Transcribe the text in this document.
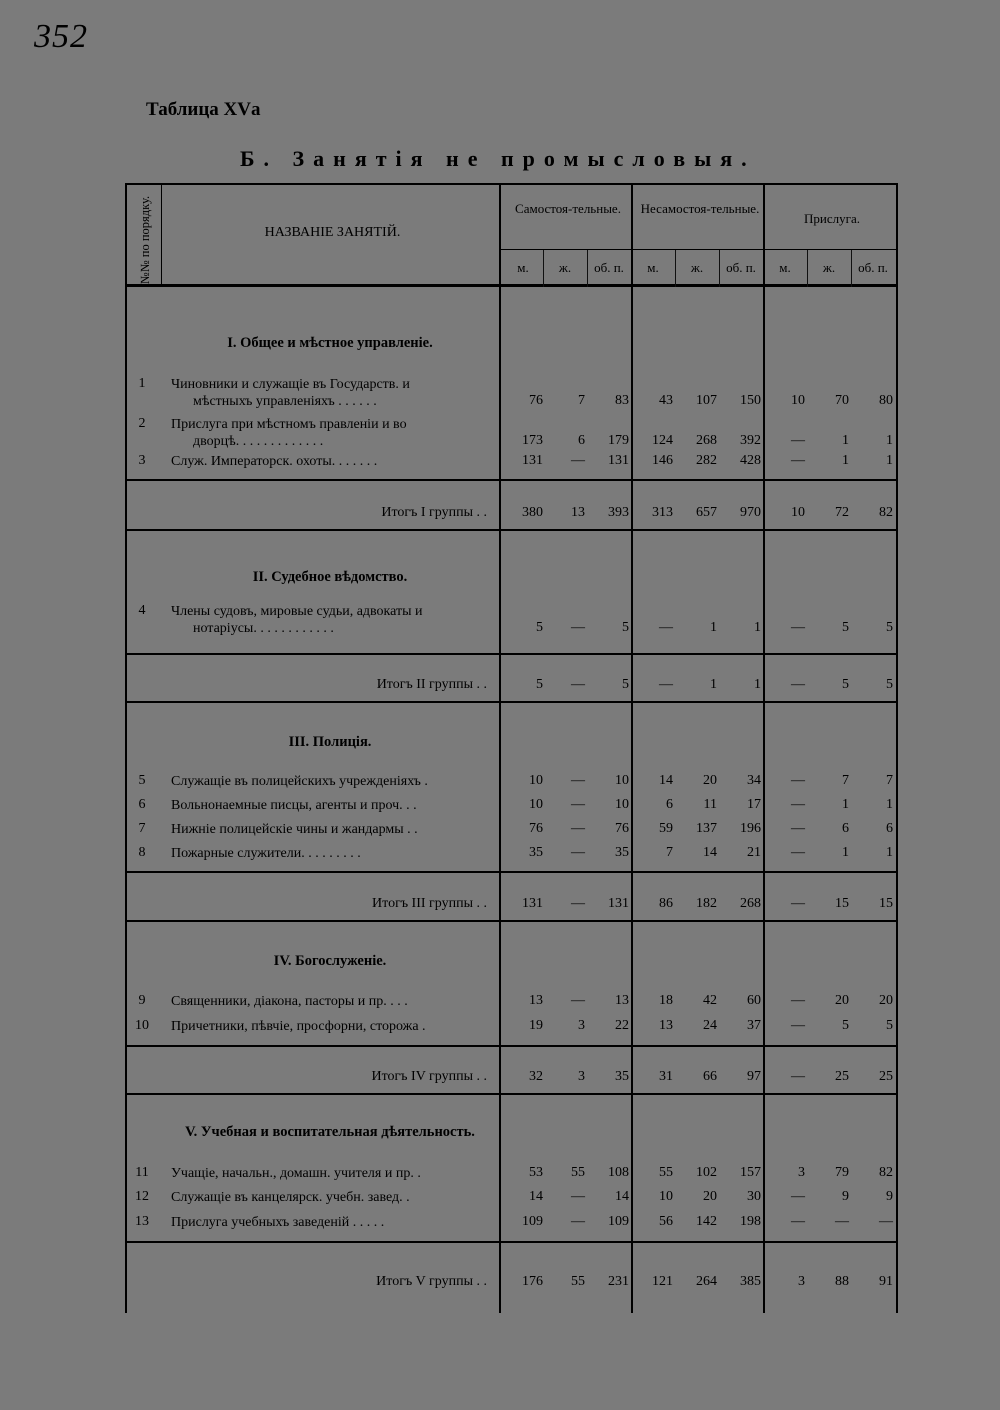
352
Таблица XVа
Б. Занятія не промысловыя.
№№ по порядку.	НАЗВАНІЕ ЗАНЯТІЙ.
Самостоя-тельные.	Несамостоя-тельные.
Прислуга.
м.	ж.	об. п.	м.	ж.	об. п.	м.	ж.	об. п.
I. Общее и мѣстное управленіе.
1	Чиновники и служащіе въ Государств. и
мѣстныхъ управленіяхъ . . . . . .	76	7	83	43	107	150	10	70	80
2	Прислуга при мѣстномъ правленіи и во
дворцѣ. . . . . . . . . . . . .	173	6	179	124	268	392	—	1	1
3	Служ. Императорск. охоты. . . . . . .	131	—	131	146	282	428	—	1	1
Итогъ I группы . .	380	13	393	313	657	970	10	72	82
II. Судебное вѣдомство.
4	Члены судовъ, мировые судьи, адвокаты и
нотаріусы. . . . . . . . . . . .	5	—	5	—	1	1	—	5	5
Итогъ II группы . .	5	—	5	—	1	1	—	5	5
III. Полиція.
5	Служащіе въ полицейскихъ учрежденіяхъ .	10	—	10	14	20	34	—	7	7
6	Вольнонаемные писцы, агенты и проч. . .	10	—	10	6	11	17	—	1	1
7	Нижніе полицейскіе чины и жандармы . .	76	—	76	59	137	196	—	6	6
8	Пожарные служители. . . . . . . . .	35	—	35	7	14	21	—	1	1
Итогъ III группы . .	131	—	131	86	182	268	—	15	15
IV. Богослуженіе.
9	Священники, діакона, пасторы и пр. . . .	13	—	13	18	42	60	—	20	20
10	Причетники, пѣвчіе, просфорни, сторожа .	19	3	22	13	24	37	—	5	5
Итогъ IV группы . .	32	3	35	31	66	97	—	25	25
V. Учебная и воспитательная дѣятельность.
11	Учащіе, начальн., домашн. учителя и пр. .	53	55	108	55	102	157	3	79	82
12	Служащіе въ канцелярск. учебн. завед. .	14	—	14	10	20	30	—	9	9
13	Прислуга учебныхъ заведеній . . . . .	109	—	109	56	142	198	—	—	—
Итогъ V группы . .	176	55	231	121	264	385	3	88	91
